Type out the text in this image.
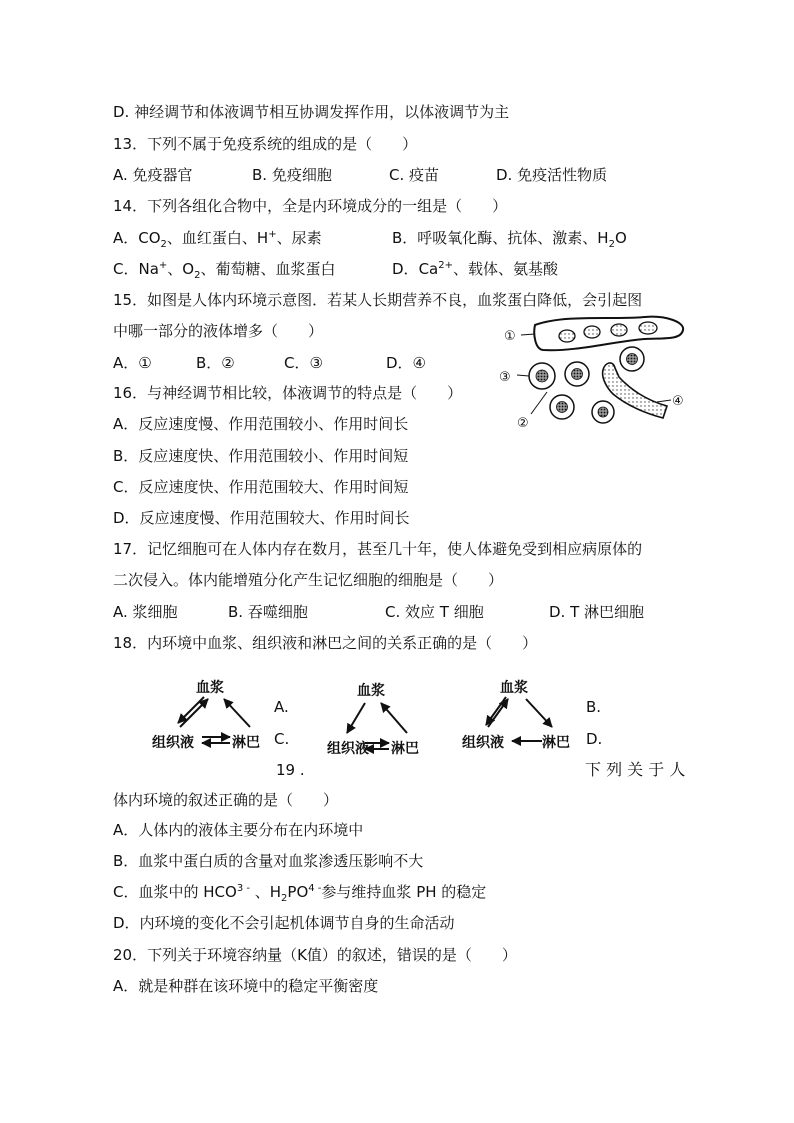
D. 神经调节和体液调节相互协调发挥作用，以体液调节为主
13．下列不属于免疫系统的组成的是（　　）
A. 免疫器官	B. 免疫细胞	C. 疫苗	D. 免疫活性物质
14．下列各组化合物中，全是内环境成分的一组是（　　）
A．$CO_2$、血红蛋白、H+、尿素	B．呼吸氧化酶、抗体、激素、$H_2O$
C．Na+、$O_2$、葡萄糖、血浆蛋白	D．$Ca^{2+}$、载体、氨基酸
15．如图是人体内环境示意图．若某人长期营养不良，血浆蛋白降低，会引起图
中哪一部分的液体增多（　　）
A．①	B．②	C．③	D．④
①
③
②
④
16．与神经调节相比较，体液调节的特点是（　　）
A．反应速度慢、作用范围较小、作用时间长
B．反应速度快、作用范围较小、作用时间短
C．反应速度快、作用范围较大、作用时间短
D．反应速度慢、作用范围较大、作用时间长
17．记忆细胞可在人体内存在数月，甚至几十年，使人体避免受到相应病原体的
二次侵入。体内能增殖分化产生记忆细胞的细胞是（　　）
A. 浆细胞	B. 吞噬细胞	C. 效应 T 细胞	D. T 淋巴细胞
18．内环境中血浆、组织液和淋巴之间的关系正确的是（　　）
血浆
组织液	淋巴
A.
C.
19 .
血浆
组织液 淋巴
血浆
组织液	淋巴
B.
D.
下 列 关 于 人
体内环境的叙述正确的是（　　）
A．人体内的液体主要分布在内环境中
B．血浆中蛋白质的含量对血浆渗透压影响不大
C．血浆中的 $HCO^{3 -}$ 、$H_2PO^{4 -}$参与维持血浆 PH 的稳定
D．内环境的变化不会引起机体调节自身的生命活动
20．下列关于环境容纳量（K值）的叙述，错误的是（　　）
A．就是种群在该环境中的稳定平衡密度
